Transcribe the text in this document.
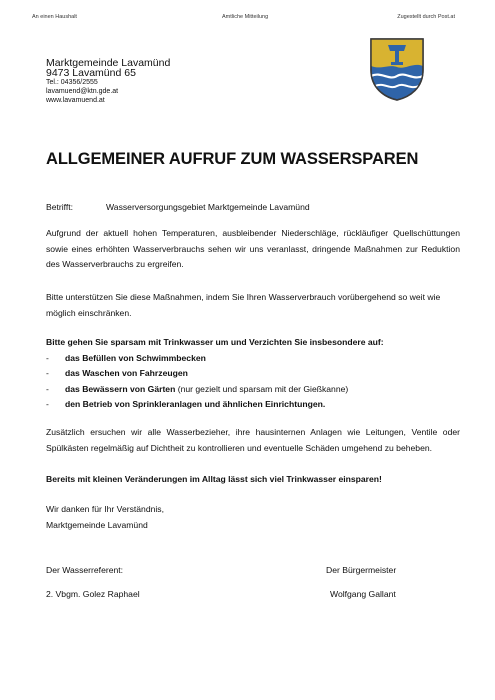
An einen Haushalt	Amtliche Mitteilung	Zugestellt durch Post.at
Marktgemeinde Lavamünd
9473 Lavamünd 65
Tel.: 04356/2555
lavamuend@ktn.gde.at
www.lavamuend.at
ALLGEMEINER AUFRUF ZUM WASSERSPAREN
Betrifft:	Wasserversorgungsgebiet Marktgemeinde Lavamünd
Aufgrund der aktuell hohen Temperaturen, ausbleibender Niederschläge, rückläufiger Quellschüttungen sowie eines erhöhten Wasserverbrauchs sehen wir uns veranlasst, dringende Maßnahmen zur Reduktion des Wasserverbrauchs zu ergreifen.
Bitte unterstützen Sie diese Maßnahmen, indem Sie Ihren Wasserverbrauch vorübergehend so weit wie möglich einschränken.
Bitte gehen Sie sparsam mit Trinkwasser um und Verzichten Sie insbesondere auf:
- das Befüllen von Schwimmbecken
- das Waschen von Fahrzeugen
- das Bewässern von Gärten (nur gezielt und sparsam mit der Gießkanne)
- den Betrieb von Sprinkleranlagen und ähnlichen Einrichtungen.
Zusätzlich ersuchen wir alle Wasserbezieher, ihre hausinternen Anlagen wie Leitungen, Ventile oder Spülkästen regelmäßig auf Dichtheit zu kontrollieren und eventuelle Schäden umgehend zu beheben.
Bereits mit kleinen Veränderungen im Alltag lässt sich viel Trinkwasser einsparen!
Wir danken für Ihr Verständnis,
Marktgemeinde Lavamünd
Der Wasserreferent:	Der Bürgermeister
2. Vbgm. Golez Raphael	Wolfgang Gallant
